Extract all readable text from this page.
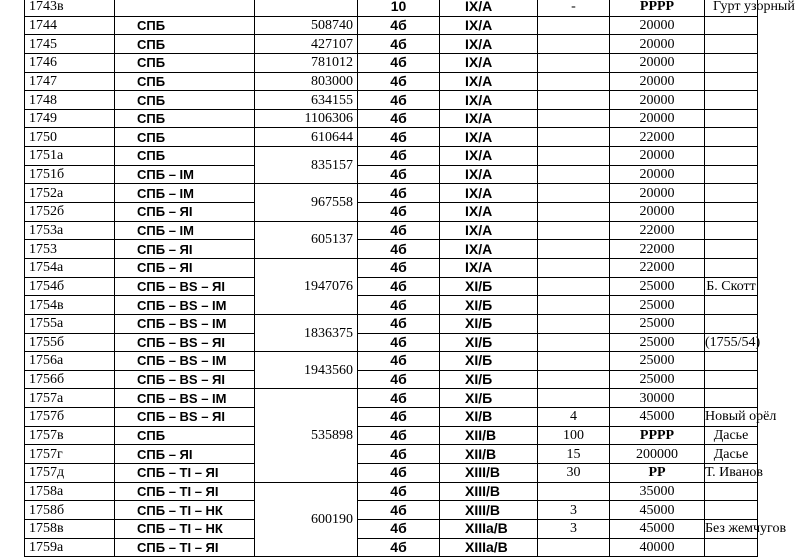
1743в			10	IX/А	-	РРРР	Гурт узорный
1744	СПБ	508740	4б	IX/А		20000	
1745	СПБ	427107	4б	IX/А		20000	
1746	СПБ	781012	4б	IX/А		20000	
1747	СПБ	803000	4б	IX/А		20000	
1748	СПБ	634155	4б	IX/А		20000	
1749	СПБ	1106306	4б	IX/А		20000	
1750	СПБ	610644	4б	IX/А		22000	
1751а	СПБ	835157	4б	IX/А		20000	
1751б	СПБ – IM		4б	IX/А		20000	
1752а	СПБ – IM	967558	4б	IX/А		20000	
1752б	СПБ – ЯI		4б	IX/А		20000	
1753а	СПБ – IM	605137	4б	IX/А		22000	
1753	СПБ – ЯI		4б	IX/А		22000	
1754а	СПБ – ЯI	1947076	4б	IX/А		22000	
1754б	СПБ – BS – ЯI		4б	XI/Б		25000	Б. Скотт
1754в	СПБ – BS – IM		4б	XI/Б		25000	
1755а	СПБ – BS – IM	1836375	4б	XI/Б		25000	
1755б	СПБ – BS – ЯI		4б	XI/Б		25000	(1755/54)
1756а	СПБ – BS – IM	1943560	4б	XI/Б		25000	
1756б	СПБ – BS – ЯI		4б	XI/Б		25000	
1757а	СПБ – BS – IM	535898	4б	XI/Б		30000	
1757б	СПБ – BS – ЯI		4б	XI/В	4	45000	Новый орёл
1757в	СПБ		4б	XII/В	100	РРРР	Дасье
1757г	СПБ – ЯI		4б	XII/В	15	200000	Дасье
1757д	СПБ – TI – ЯI		4б	XIII/В	30	РР	Т. Иванов
1758а	СПБ – TI – ЯI	600190	4б	XIII/В		35000	
1758б	СПБ – TI – НК		4б	XIII/В	3	45000	
1758в	СПБ – TI – НК		4б	XIIIа/В	3	45000	Без жемчугов
1759а	СПБ – TI – ЯI		4б	XIIIа/В		40000	
